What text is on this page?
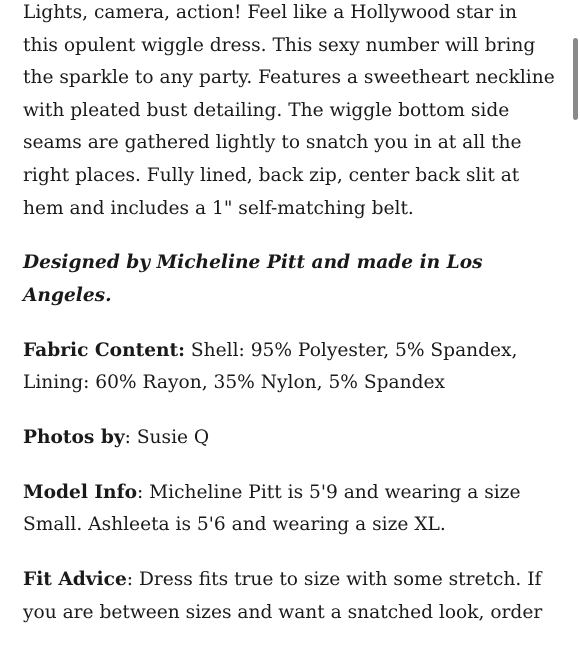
Lights, camera, action! Feel like a Hollywood star in this opulent wiggle dress. This sexy number will bring the sparkle to any party. Features a sweetheart neckline with pleated bust detailing. The wiggle bottom side seams are gathered lightly to snatch you in at all the right places. Fully lined, back zip, center back slit at hem and includes a 1" self-matching belt.

Designed by Micheline Pitt and made in Los Angeles.

Fabric Content: Shell: 95% Polyester, 5% Spandex, Lining: 60% Rayon, 35% Nylon, 5% Spandex

Photos by: Susie Q

Model Info: Micheline Pitt is 5'9 and wearing a size Small. Ashleeta is 5'6 and wearing a size XL.

Fit Advice: Dress fits true to size with some stretch. If you are between sizes and want a snatched look, order
